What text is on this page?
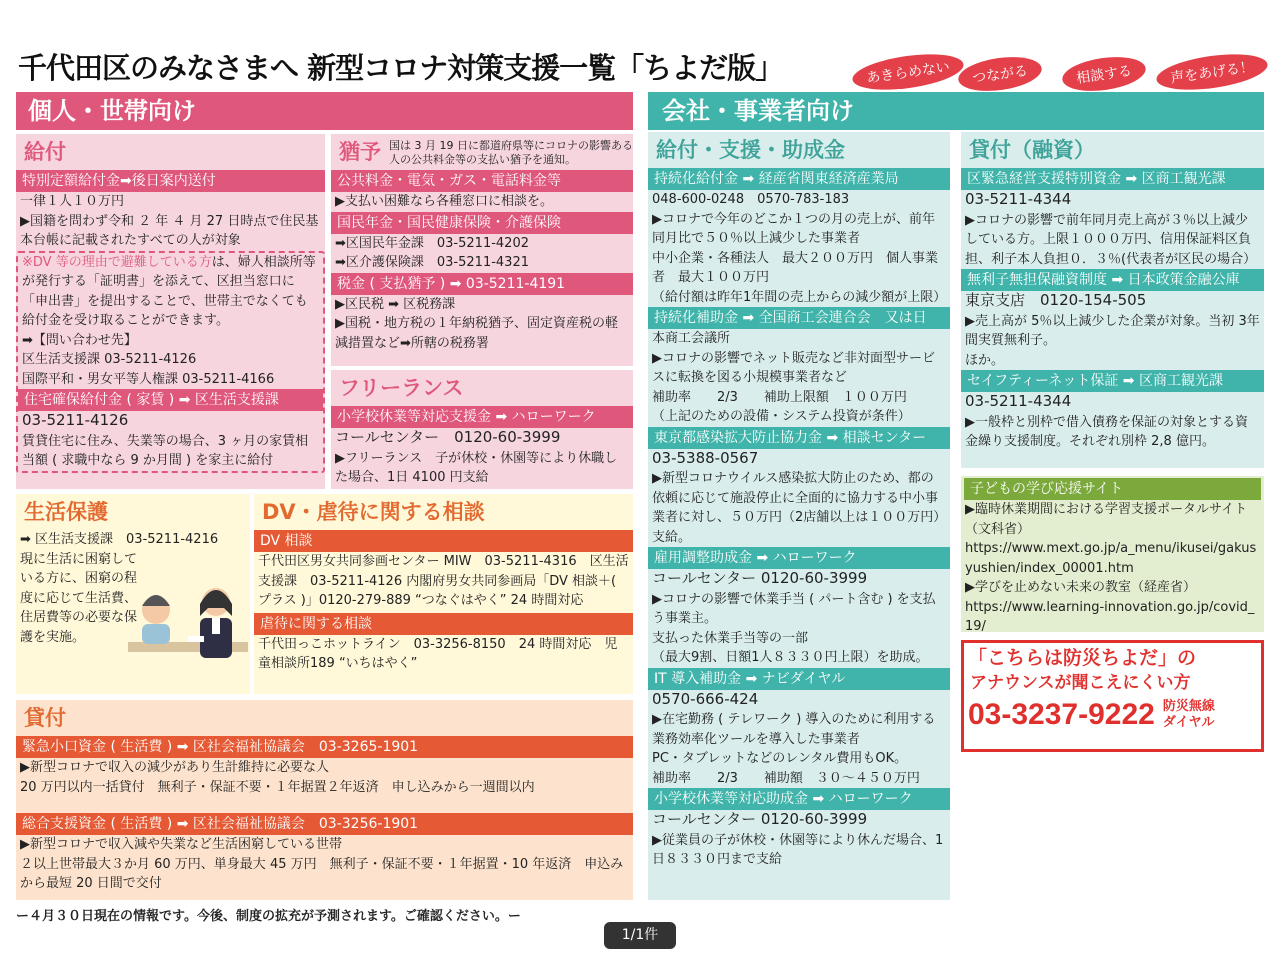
千代田区のみなさまへ 新型コロナ対策支援一覧「ちよだ版」	あきらめない	つながる	相談する	声をあげる！
個人・世帯向け	会社・事業者向け
給付
特別定額給付金➡後日案内送付
一律１人１０万円
▶国籍を問わず令和 ２ 年 ４ 月 27 日時点で住民基本台帳に記載されたすべての人が対象
※DV 等の理由で避難している方は、婦人相談所等が発行する「証明書」を添えて、区担当窓口に「申出書」を提出することで、世帯主でなくても給付金を受け取ることができます。
➡【問い合わせ先】
区生活支援課 03-5211-4126
国際平和・男女平等人権課 03-5211-4166
住宅確保給付金 ( 家賃 ) ➡ 区生活支援課
03-5211-4126
賃貸住宅に住み、失業等の場合、3 ヶ月の家賃相当額 ( 求職中なら 9 か月間 ) を家主に給付
猶予 国は 3 月 19 日に都道府県等にコロナの影響ある人の公共料金等の支払い猶予を通知。
公共料金・電気・ガス・電話料金等
▶支払い困難なら各種窓口に相談を。
国民年金・国民健康保険・介護保険
➡区国民年金課　03-5211-4202
➡区介護保険課　03-5211-4321
税金 ( 支払猶予 ) ➡ 03-5211-4191
▶区民税 ➡ 区税務課
▶国税・地方税の１年納税猶予、固定資産税の軽減措置など➡所轄の税務署
フリーランス
小学校休業等対応支援金 ➡ ハローワーク
コールセンター　0120-60-3999
▶フリーランス　子が休校・休園等により休職した場合、1日 4100 円支給
生活保護
➡ 区生活支援課　03-5211-4216
現に生活に困窮している方に、困窮の程度に応じて生活費、住居費等の必要な保護を実施。
DV・虐待に関する相談
DV 相談
千代田区男女共同参画センター MIW　03-5211-4316　区生活支援課　03-5211-4126 内閣府男女共同参画局「DV 相談＋( プラス )」0120-279-889 “つなぐはやく” 24 時間対応
虐待に関する相談
千代田っこホットライン　03-3256-8150　24 時間対応　児童相談所189 “いちはやく”
貸付
緊急小口資金 ( 生活費 ) ➡ 区社会福祉協議会　03-3265-1901
▶新型コロナで収入の減少があり生計維持に必要な人
20 万円以内一括貸付　無利子・保証不要・１年据置２年返済　申し込みから一週間以内
総合支援資金 ( 生活費 ) ➡ 区社会福祉協議会　03-3256-1901
▶新型コロナで収入減や失業など生活困窮している世帯
２以上世帯最大３か月 60 万円、単身最大 45 万円　無利子・保証不要・１年据置・10 年返済　申込みから最短 20 日間で交付
ー４月３０日現在の情報です。今後、制度の拡充が予測されます。ご確認ください。ー
給付・支援・助成金
持続化給付金 ➡ 経産省関東経済産業局
048-600-0248　0570-783-183
▶コロナで今年のどこか１つの月の売上が、前年同月比で５０％以上減少した事業者
中小企業・各種法人　最大２００万円　個人事業者　最大１００万円
（給付額は昨年1年間の売上からの減少額が上限）
持続化補助金 ➡ 全国商工会連合会　又は日
本商工会議所
▶コロナの影響でネット販売など非対面型サービスに転換を図る小規模事業者など
補助率　　2/3　　補助上限額　１００万円
（上記のための設備・システム投資が条件）
東京都感染拡大防止協力金 ➡ 相談センター
03-5388-0567
▶新型コロナウイルス感染拡大防止のため、都の依頼に応じて施設停止に全面的に協力する中小事業者に対し、５０万円（2店舗以上は１００万円）支給。
雇用調整助成金 ➡ ハローワーク
コールセンター 0120-60-3999
▶コロナの影響で休業手当 ( パート含む ) を支払う事業主。
支払った休業手当等の一部
（最大9割、日額1人８３３０円上限）を助成。
IT 導入補助金 ➡ ナビダイヤル
0570-666-424
▶在宅勤務 ( テレワーク ) 導入のために利用する業務効率化ツールを導入した事業者
PC・タブレットなどのレンタル費用もOK。
補助率　　2/3　　補助額　３０～４５０万円
小学校休業等対応助成金 ➡ ハローワーク
コールセンター 0120-60-3999
▶従業員の子が休校・休園等により休んだ場合、1日８３３０円まで支給
貸付（融資）
区緊急経営支援特別資金 ➡ 区商工観光課
03-5211-4344
▶コロナの影響で前年同月売上高が３％以上減少している方。上限１０００万円、信用保証料区負担、利子本人負担０．３％(代表者が区民の場合）
無利子無担保融資制度 ➡ 日本政策金融公庫
東京支店　0120-154-505
▶売上高が 5％以上減少した企業が対象。当初 3年間実質無利子。
ほか。
セイフティーネット保証 ➡ 区商工観光課
03-5211-4344
▶一般枠と別枠で借入債務を保証の対象とする資金繰り支援制度。それぞれ別枠 2,8 億円。
子どもの学び応援サイト
▶臨時休業期間における学習支援ポータルサイト（文科省）
https://www.mext.go.jp/a_menu/ikusei/gakusyushien/index_00001.htm
▶学びを止めない未来の教室（経産省）
https://www.learning-innovation.go.jp/covid_19/
「こちらは防災ちよだ」の
アナウンスが聞こえにくい方
03-3237-9222 防災無線
ダイヤル
1/1件
